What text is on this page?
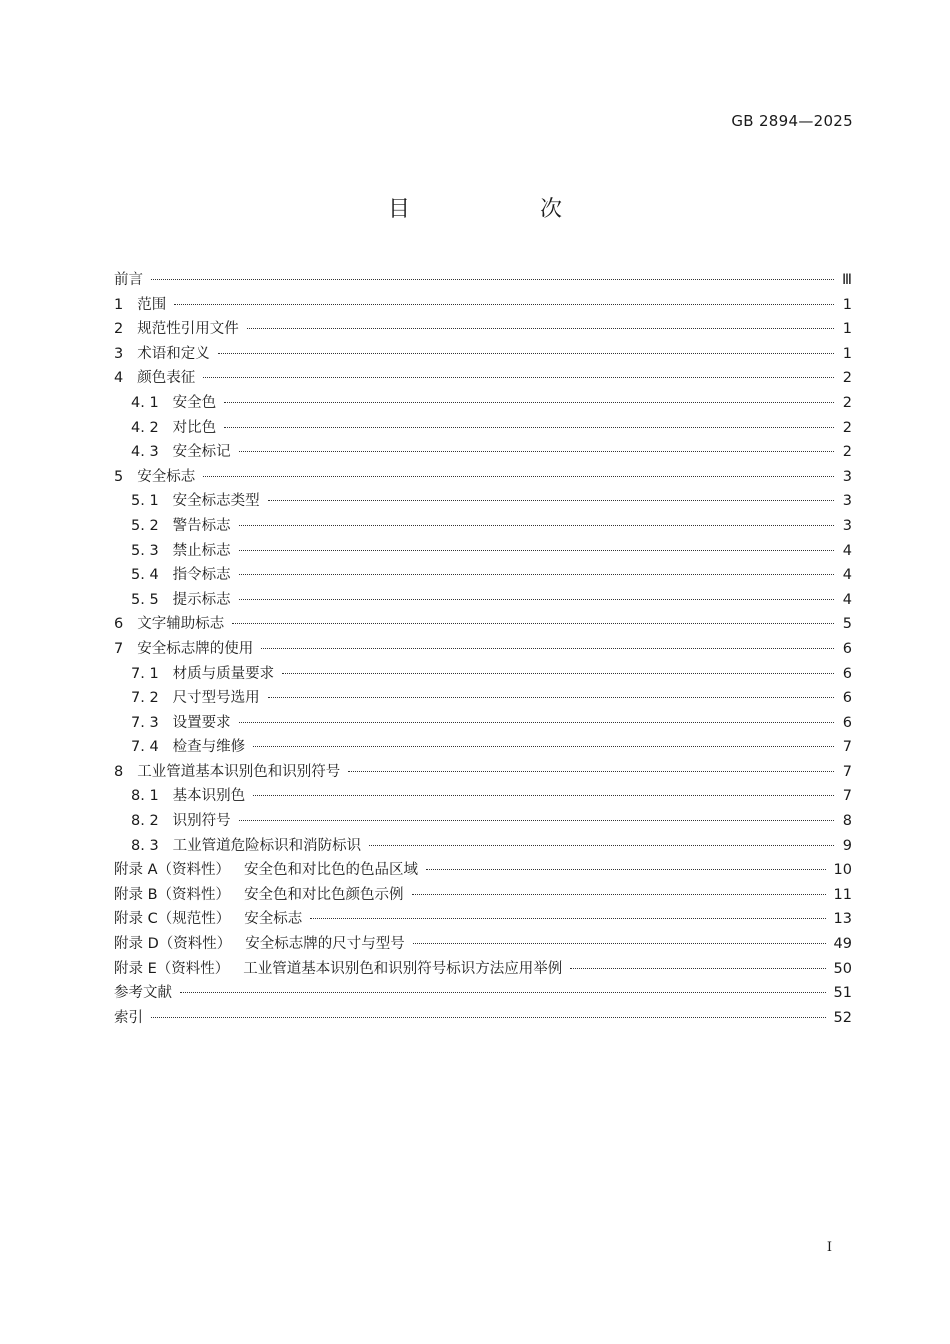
GB 2894—2025
目　次
前言	Ⅲ
1 范围	1
2 规范性引用文件	1
3 术语和定义	1
4 颜色表征	2
4. 1 安全色	2
4. 2 对比色	2
4. 3 安全标记	2
5 安全标志	3
5. 1 安全标志类型	3
5. 2 警告标志	3
5. 3 禁止标志	4
5. 4 指令标志	4
5. 5 提示标志	4
6 文字辅助标志	5
7 安全标志牌的使用	6
7. 1 材质与质量要求	6
7. 2 尺寸型号选用	6
7. 3 设置要求	6
7. 4 检查与维修	7
8 工业管道基本识别色和识别符号	7
8. 1 基本识别色	7
8. 2 识别符号	8
8. 3 工业管道危险标识和消防标识	9
附录 A（资料性） 安全色和对比色的色品区域	10
附录 B（资料性） 安全色和对比色颜色示例	11
附录 C（规范性） 安全标志	13
附录 D（资料性） 安全标志牌的尺寸与型号	49
附录 E（资料性） 工业管道基本识别色和识别符号标识方法应用举例	50
参考文献	51
索引	52
I
